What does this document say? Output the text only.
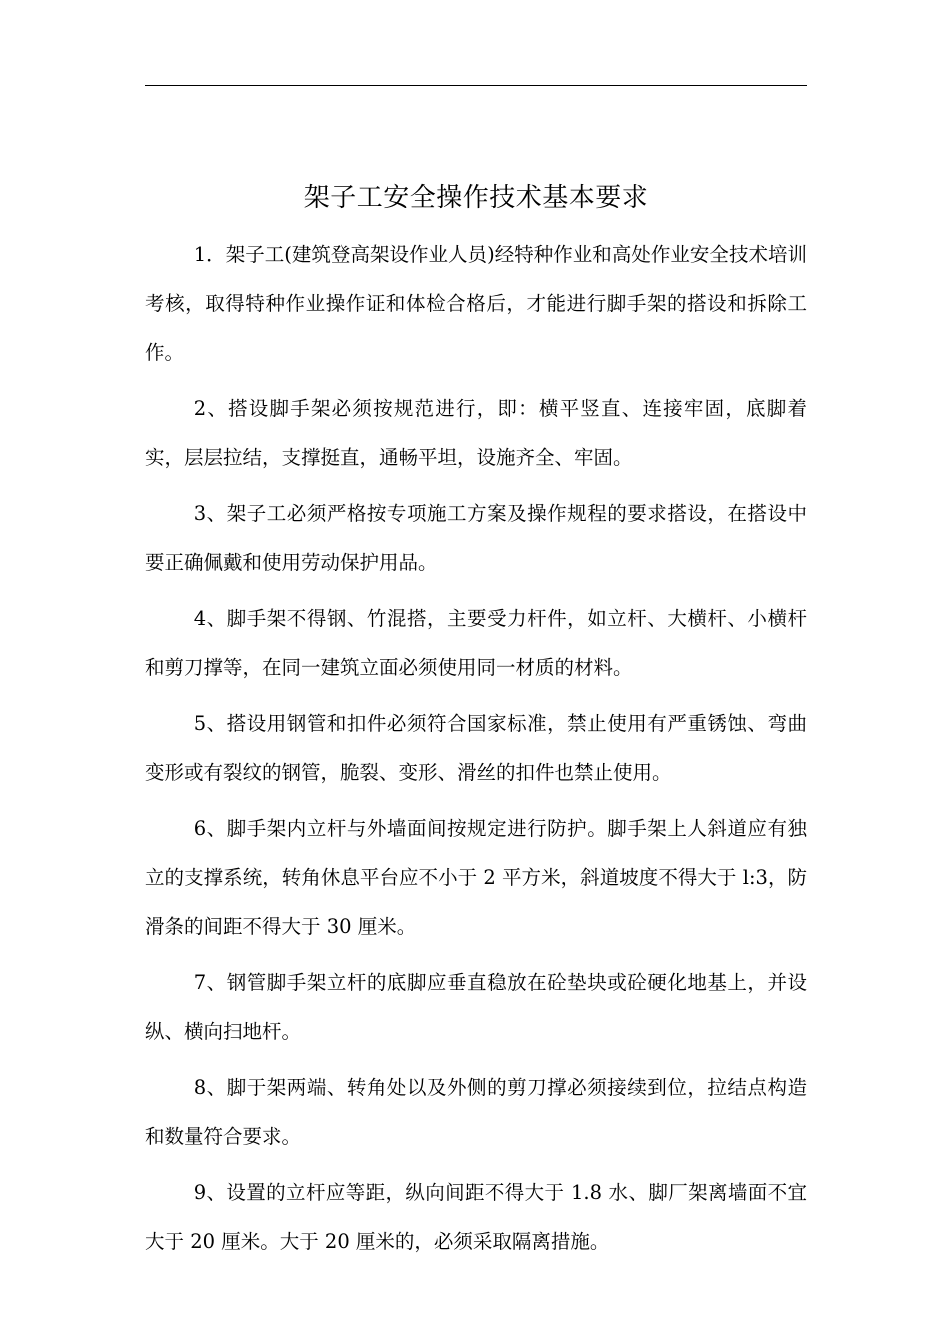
架子工安全操作技术基本要求

1．架子工(建筑登高架设作业人员)经特种作业和高处作业安全技术培训考核，取得特种作业操作证和体检合格后，才能进行脚手架的搭设和拆除工作。

2、搭设脚手架必须按规范进行，即：横平竖直、连接牢固，底脚着实，层层拉结，支撑挺直，通畅平坦，设施齐全、牢固。

3、架子工必须严格按专项施工方案及操作规程的要求搭设，在搭设中要正确佩戴和使用劳动保护用品。

4、脚手架不得钢、竹混搭，主要受力杆件，如立杆、大横杆、小横杆和剪刀撑等，在同一建筑立面必须使用同一材质的材料。

5、搭设用钢管和扣件必须符合国家标准，禁止使用有严重锈蚀、弯曲变形或有裂纹的钢管，脆裂、变形、滑丝的扣件也禁止使用。

6、脚手架内立杆与外墙面间按规定进行防护。脚手架上人斜道应有独立的支撑系统，转角休息平台应不小于 2 平方米，斜道坡度不得大于 l:3，防滑条的间距不得大于 30 厘米。

7、钢管脚手架立杆的底脚应垂直稳放在砼垫块或砼硬化地基上，并设纵、横向扫地杆。

8、脚于架两端、转角处以及外侧的剪刀撑必须接续到位，拉结点构造和数量符合要求。

9、设置的立杆应等距，纵向间距不得大于 1.8 水、脚厂架离墙面不宜大于 20 厘米。大于 20 厘米的，必须采取隔离措施。
